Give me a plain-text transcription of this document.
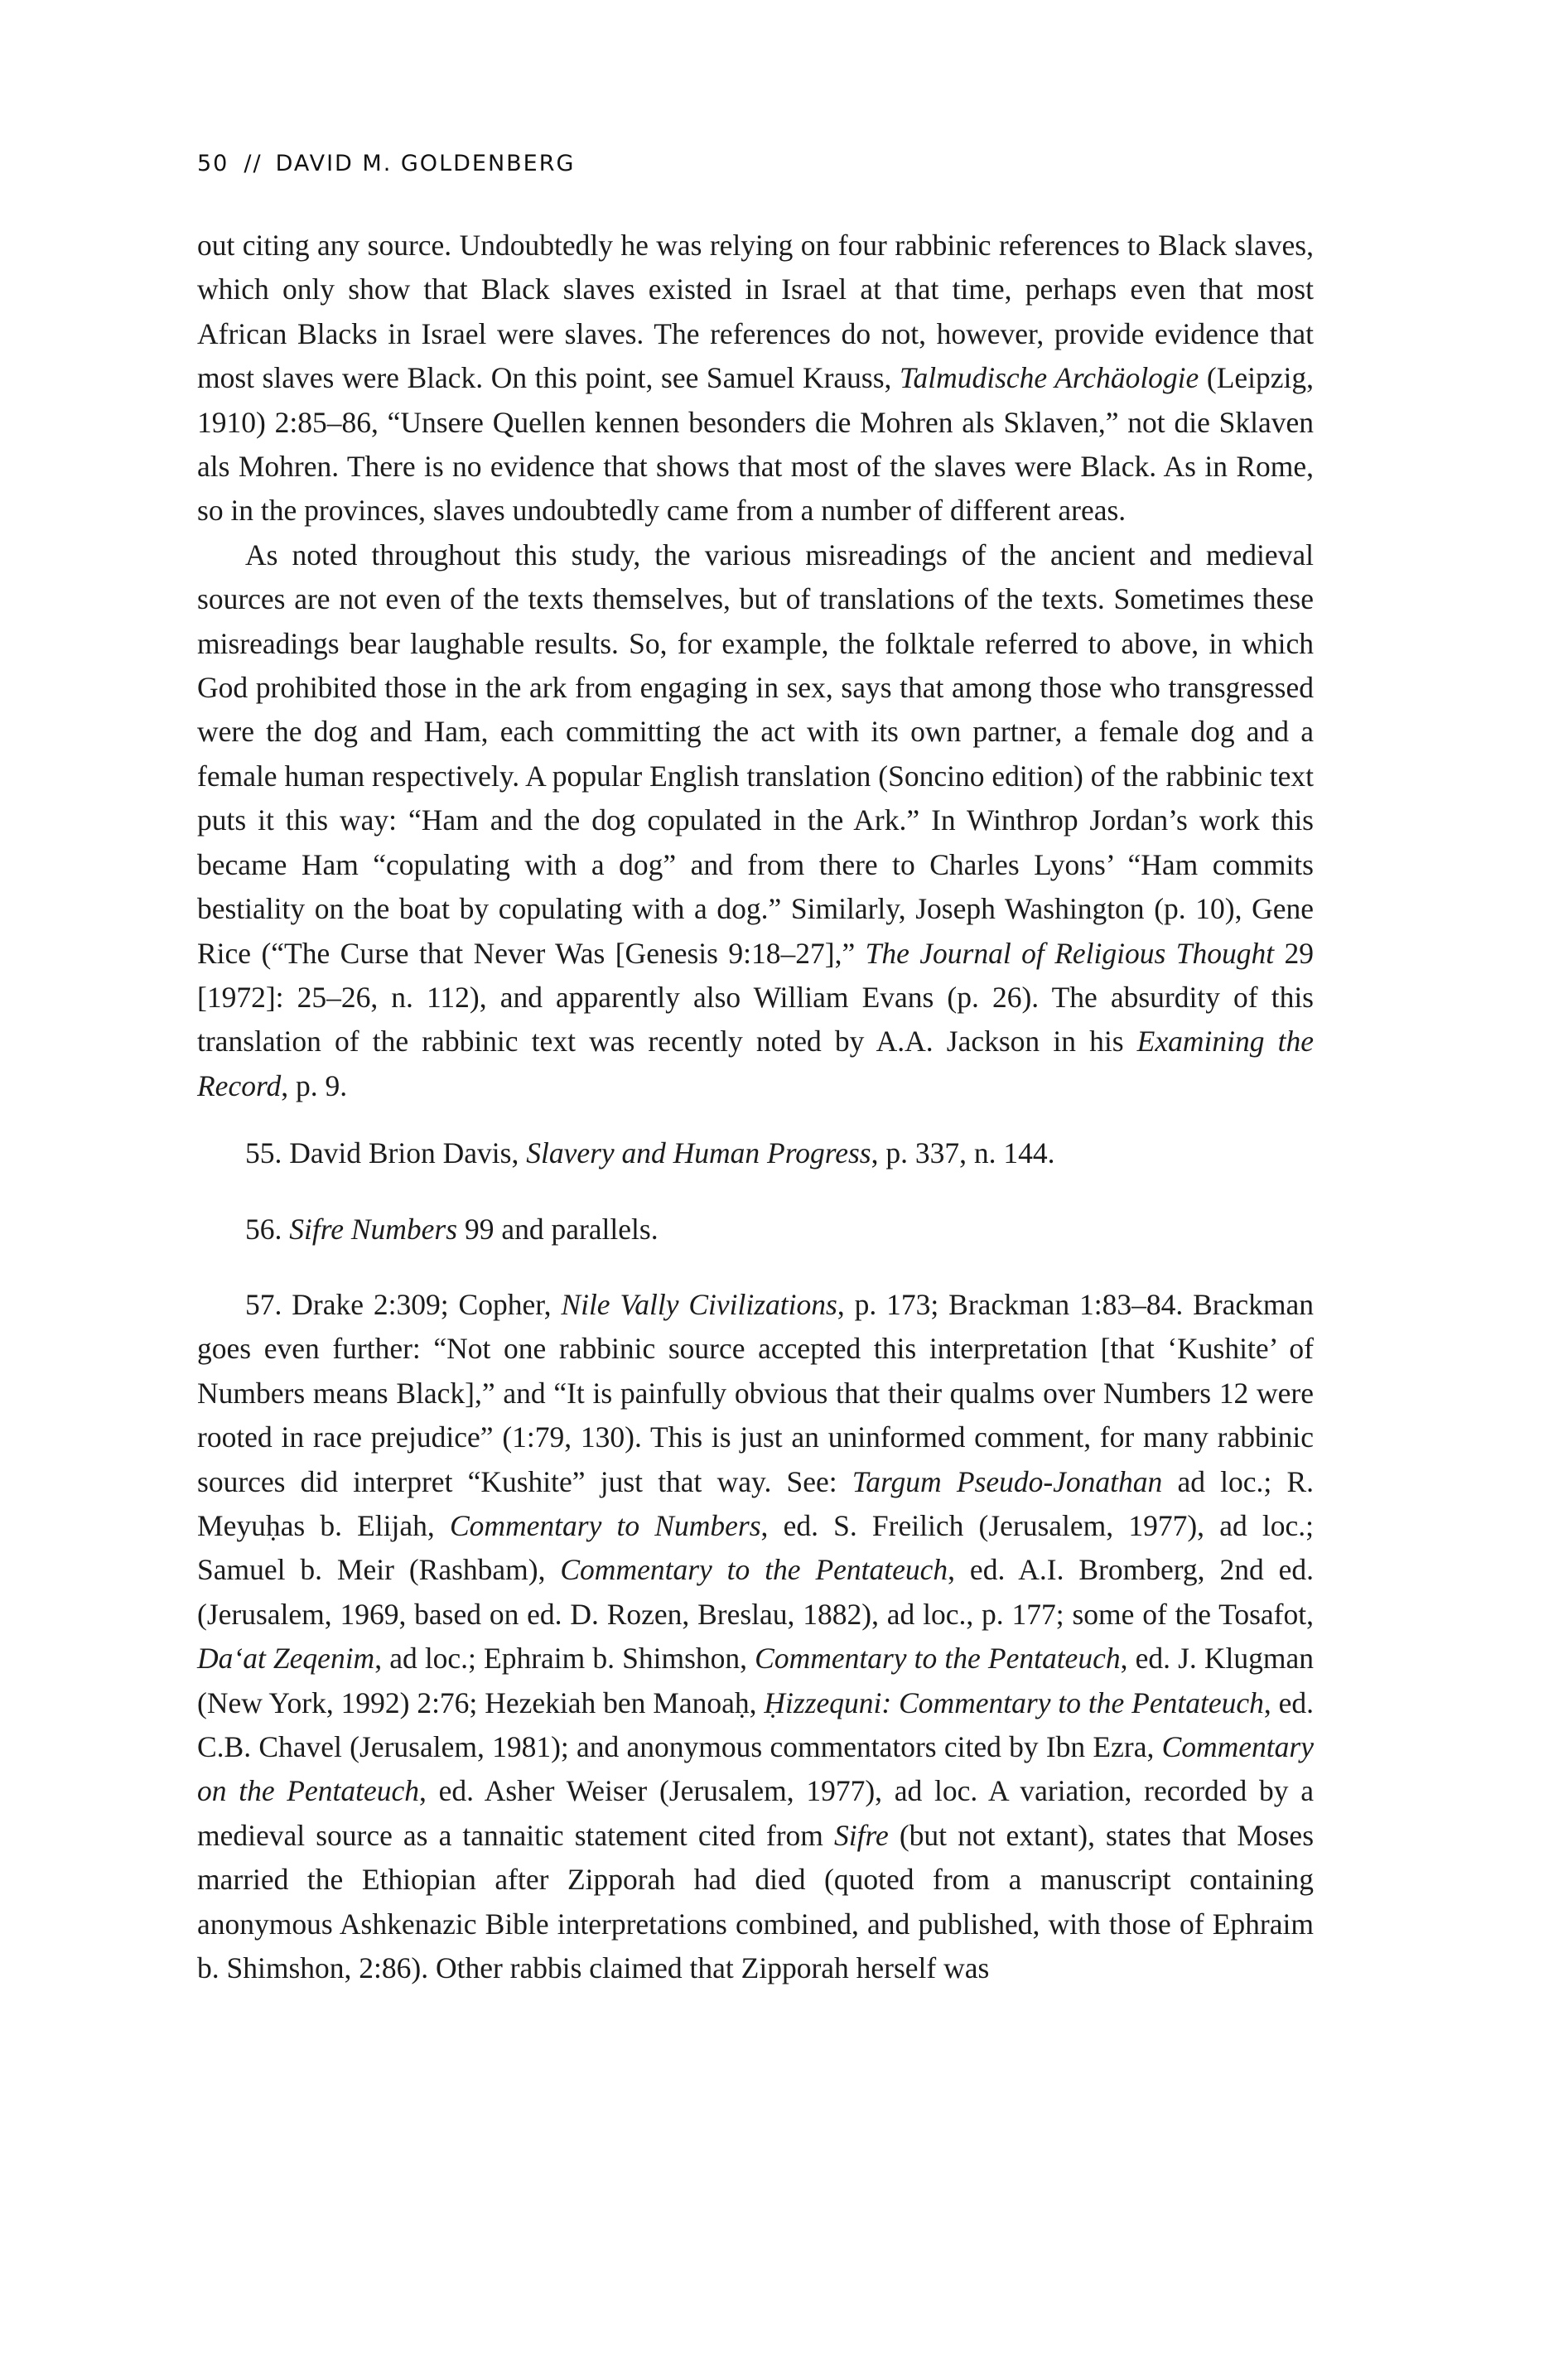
50 // DAVID M. GOLDENBERG

out citing any source. Undoubtedly he was relying on four rabbinic references to Black slaves, which only show that Black slaves existed in Israel at that time, perhaps even that most African Blacks in Israel were slaves. The references do not, however, provide evidence that most slaves were Black. On this point, see Samuel Krauss, Talmudische Archäologie (Leipzig, 1910) 2:85–86, “Unsere Quellen kennen besonders die Mohren als Sklaven,” not die Sklaven als Mohren. There is no evidence that shows that most of the slaves were Black. As in Rome, so in the provinces, slaves undoubtedly came from a number of different areas.

As noted throughout this study, the various misreadings of the ancient and medieval sources are not even of the texts themselves, but of translations of the texts. Sometimes these misreadings bear laughable results. So, for example, the folktale referred to above, in which God prohibited those in the ark from engaging in sex, says that among those who transgressed were the dog and Ham, each committing the act with its own partner, a female dog and a female human respectively. A popular English translation (Soncino edition) of the rabbinic text puts it this way: “Ham and the dog copulated in the Ark.” In Winthrop Jordan’s work this became Ham “copulating with a dog” and from there to Charles Lyons’ “Ham commits bestiality on the boat by copulating with a dog.” Similarly, Joseph Washington (p. 10), Gene Rice (“The Curse that Never Was [Genesis 9:18–27],” The Journal of Religious Thought 29 [1972]: 25–26, n. 112), and apparently also William Evans (p. 26). The absurdity of this translation of the rabbinic text was recently noted by A.A. Jackson in his Examining the Record, p. 9.

55. David Brion Davis, Slavery and Human Progress, p. 337, n. 144.

56. Sifre Numbers 99 and parallels.

57. Drake 2:309; Copher, Nile Vally Civilizations, p. 173; Brackman 1:83–84. Brackman goes even further: “Not one rabbinic source accepted this interpretation [that ‘Kushite’ of Numbers means Black],” and “It is painfully obvious that their qualms over Numbers 12 were rooted in race prejudice” (1:79, 130). This is just an uninformed comment, for many rabbinic sources did interpret “Kushite” just that way. See: Targum Pseudo-Jonathan ad loc.; R. Meyuḥas b. Elijah, Commentary to Numbers, ed. S. Freilich (Jerusalem, 1977), ad loc.; Samuel b. Meir (Rashbam), Commentary to the Pentateuch, ed. A.I. Bromberg, 2nd ed. (Jerusalem, 1969, based on ed. D. Rozen, Breslau, 1882), ad loc., p. 177; some of the Tosafot, Da‘at Zeqenim, ad loc.; Ephraim b. Shimshon, Commentary to the Pentateuch, ed. J. Klugman (New York, 1992) 2:76; Hezekiah ben Manoaḥ, Ḥizzequni: Commentary to the Pentateuch, ed. C.B. Chavel (Jerusalem, 1981); and anonymous commentators cited by Ibn Ezra, Commentary on the Pentateuch, ed. Asher Weiser (Jerusalem, 1977), ad loc. A variation, recorded by a medieval source as a tannaitic statement cited from Sifre (but not extant), states that Moses married the Ethiopian after Zipporah had died (quoted from a manuscript containing anonymous Ashkenazic Bible interpretations combined, and published, with those of Ephraim b. Shimshon, 2:86). Other rabbis claimed that Zipporah herself was
